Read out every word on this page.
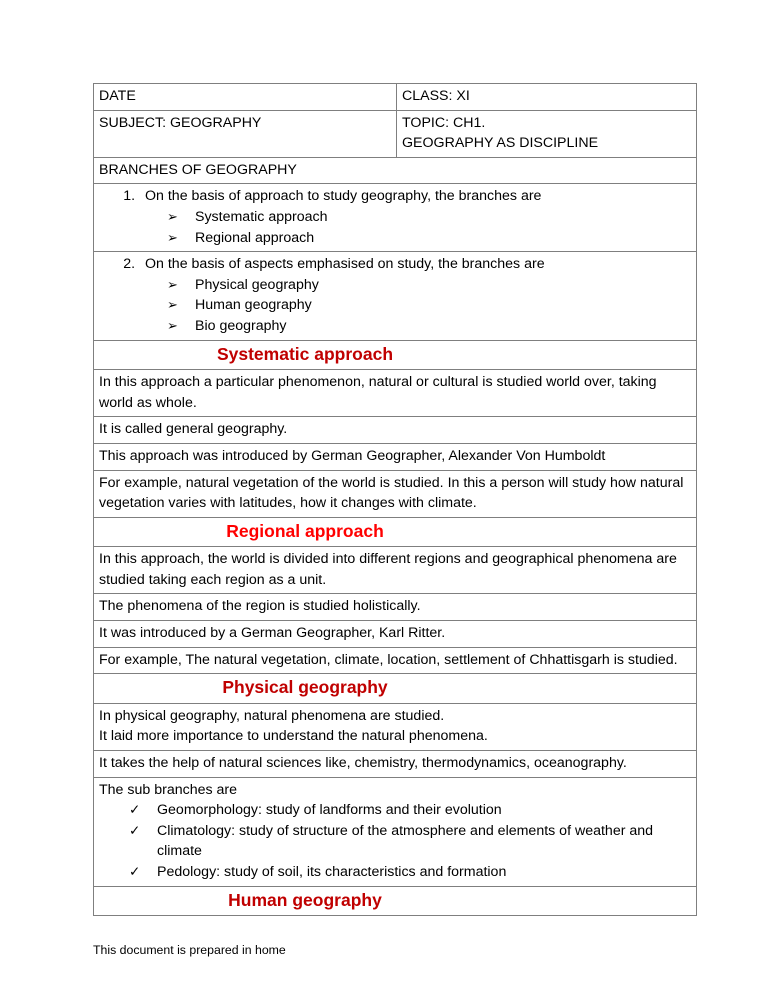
DATE	CLASS: XI
SUBJECT: GEOGRAPHY	TOPIC: CH1.
GEOGRAPHY AS DISCIPLINE

BRANCHES OF GEOGRAPHY	

1. On the basis of approach to study geography, the branches are
➢ Systematic approach
➢ Regional approach

2. On the basis of aspects emphasised on study, the branches are
➢ Physical geography
➢ Human geography
➢ Bio geography

Systematic approach	
In this approach a particular phenomenon, natural or cultural is studied world over, taking world as whole.	
It is called general geography.	
This approach was introduced by German Geographer, Alexander Von Humboldt	
For example, natural vegetation of the world is studied. In this a person will study how natural vegetation varies with latitudes, how it changes with climate.	
Regional approach	
In this approach, the world is divided into different regions and geographical phenomena are studied taking each region as a unit.	
The phenomena of the region is studied holistically.	
It was introduced by a German Geographer, Karl Ritter.	
For example, The natural vegetation, climate, location, settlement of Chhattisgarh is studied.	
Physical geography	

In physical geography, natural phenomena are studied.
It laid more importance to understand the natural phenomena.	

It takes the help of natural sciences like, chemistry, thermodynamics, oceanography.	

The sub branches are
✓ Geomorphology: study of landforms and their evolution
✓ Climatology: study of structure of the atmosphere and elements of weather and climate
✓ Pedology: study of soil, its characteristics and formation

Human geography	
This document is prepared in home
